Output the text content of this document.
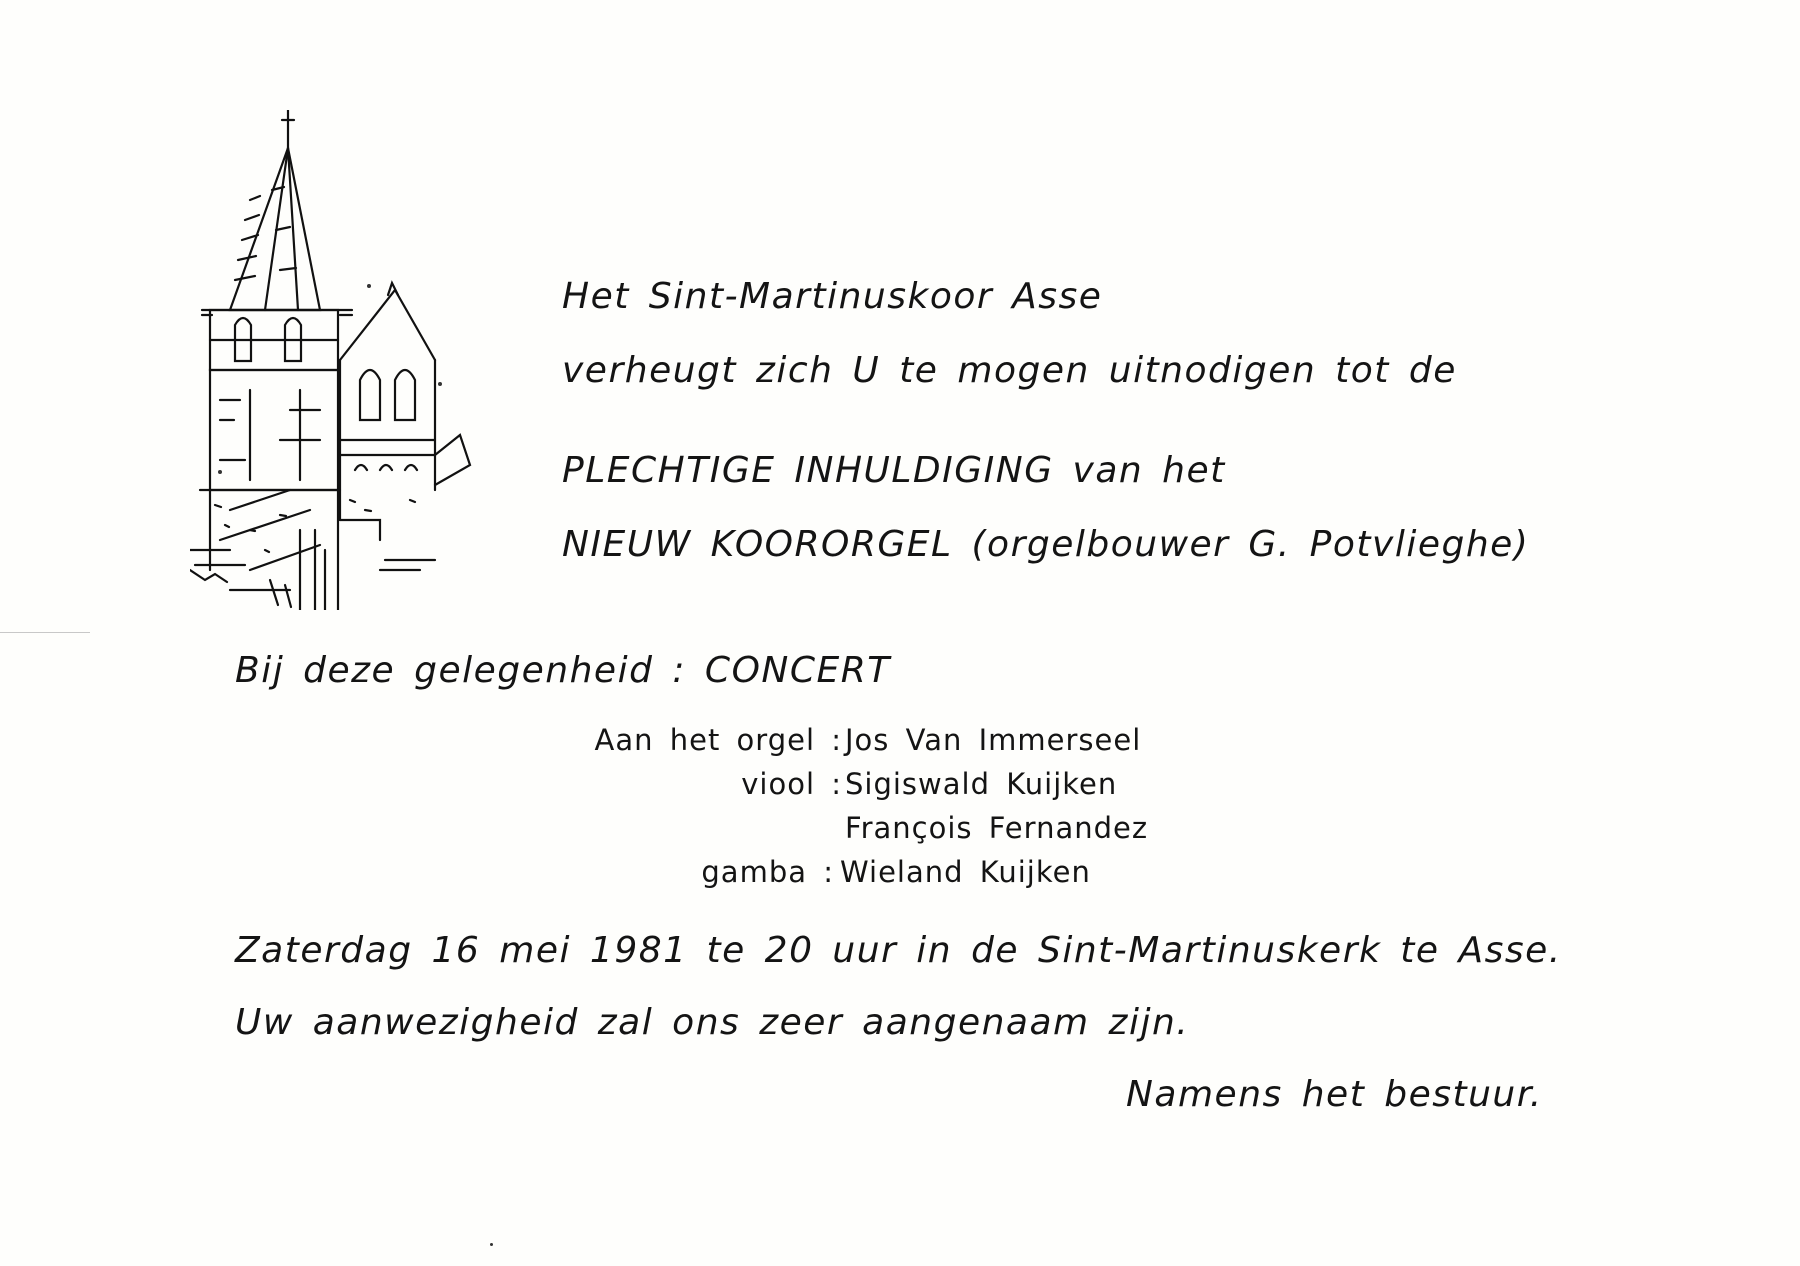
Het Sint-Martinuskoor Asse
verheugt zich U te mogen uitnodigen tot de
PLECHTIGE INHULDIGING van het
NIEUW KOORORGEL (orgelbouwer G. Potvlieghe)
Bij deze gelegenheid : CONCERT
Aan het orgel : Jos Van Immerseel
viool : Sigiswald Kuijken
François Fernandez
gamba : Wieland Kuijken
Zaterdag 16 mei 1981 te 20 uur in de Sint-Martinuskerk te Asse.
Uw aanwezigheid zal ons zeer aangenaam zijn.
Namens het bestuur.
